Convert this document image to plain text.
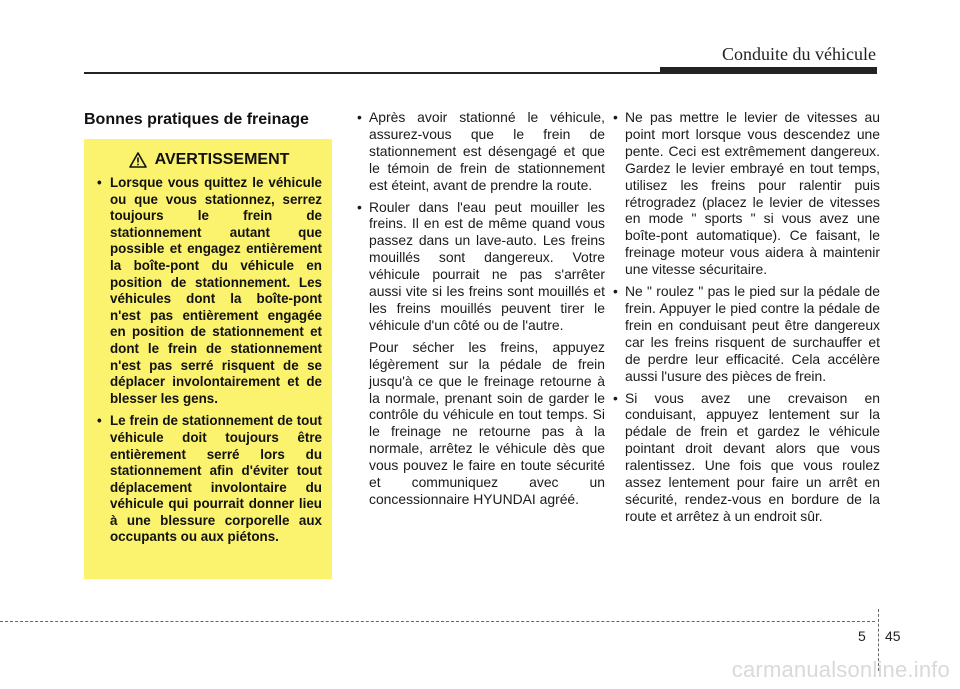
Conduite du véhicule
Bonnes pratiques de freinage
AVERTISSEMENT
• Lorsque vous quittez le véhicule ou que vous stationnez, serrez toujours le frein de stationnement autant que possible et engagez entièrement la boîte-pont du véhicule en position de stationnement. Les véhicules dont la boîte-pont n'est pas entièrement engagée en position de stationnement et dont le frein de stationnement n'est pas serré risquent de se déplacer involontairement et de blesser les gens.
• Le frein de stationnement de tout véhicule doit toujours être entièrement serré lors du stationnement afin d'éviter tout déplacement involontaire du véhicule qui pourrait donner lieu à une blessure corporelle aux occupants ou aux piétons.
• Après avoir stationné le véhicule, assurez-vous que le frein de stationnement est désengagé et que le témoin de frein de stationnement est éteint, avant de prendre la route.
• Rouler dans l'eau peut mouiller les freins. Il en est de même quand vous passez dans un lave-auto. Les freins mouillés sont dangereux. Votre véhicule pourrait ne pas s'arrêter aussi vite si les freins sont mouillés et les freins mouillés peuvent tirer le véhicule d'un côté ou de l'autre.

Pour sécher les freins, appuyez légèrement sur la pédale de frein jusqu'à ce que le freinage retourne à la normale, prenant soin de garder le contrôle du véhicule en tout temps. Si le freinage ne retourne pas à la normale, arrêtez le véhicule dès que vous pouvez le faire en toute sécurité et communiquez avec un concessionnaire HYUNDAI agréé.

• Ne pas mettre le levier de vitesses au point mort lorsque vous descendez une pente. Ceci est extrêmement dangereux. Gardez le levier embrayé en tout temps, utilisez les freins pour ralentir puis rétrogradez (placez le levier de vitesses en mode " sports " si vous avez une boîte-pont automatique). Ce faisant, le freinage moteur vous aidera à maintenir une vitesse sécuritaire.
• Ne " roulez " pas le pied sur la pédale de frein. Appuyer le pied contre la pédale de frein en conduisant peut être dangereux car les freins risquent de surchauffer et de perdre leur efficacité. Cela accélère aussi l'usure des pièces de frein.
• Si vous avez une crevaison en conduisant, appuyez lentement sur la pédale de frein et gardez le véhicule pointant droit devant alors que vous ralentissez. Une fois que vous roulez assez lentement pour faire un arrêt en sécurité, rendez-vous en bordure de la route et arrêtez à un endroit sûr.
5 45
carmanualsonline.info
